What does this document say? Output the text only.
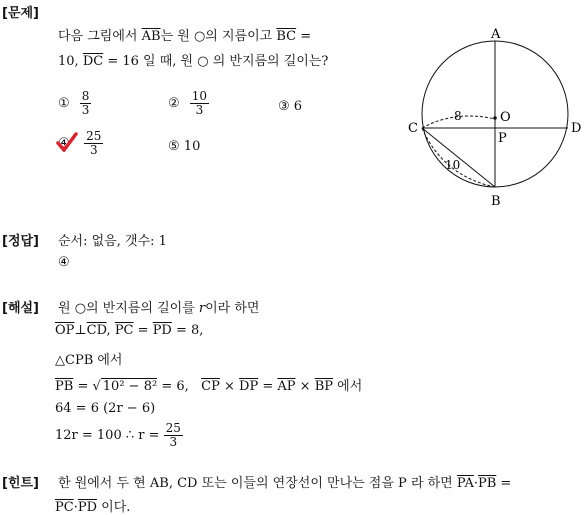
[문제]
다음 그림에서 $\overline{AB}$는 원 ○의 지름이고 $\overline{BC}$ =
10, $\overline{DC} = 16$ 일 때, 원 ○ 의 반지름의 길이는?
① $\frac{8}{3}$	② $\frac{10}{3}$	③ 6
④
$\frac{25}{3}$	⑤ 10
A
B
C	D
O
P
8
10
[정답] 순서: 없음, 갯수: 1
④
[해설] 원 ○의 반지름의 길이를 r이라 하면
$\overline{OP}\perp\overline{CD}$, $\overline{PC} = \overline{PD} = 8$,
△CPB 에서
$\overline{PB}$ = √ 10² − 8² = 6, $\overline{CP} \times \overline{DP} = \overline{AP} \times \overline{BP}$ 에서
64 = 6 (2r − 6)
12r = 100 ∴ $r = \frac{25}{3}$
[힌트] 한 원에서 두 현 AB, CD 또는 이들의 연장선이 만나는 점을 P 라 하면 $\overline{PA}\cdot\overline{PB}$ =
$\overline{PC}\cdot\overline{PD}$ 이다.
